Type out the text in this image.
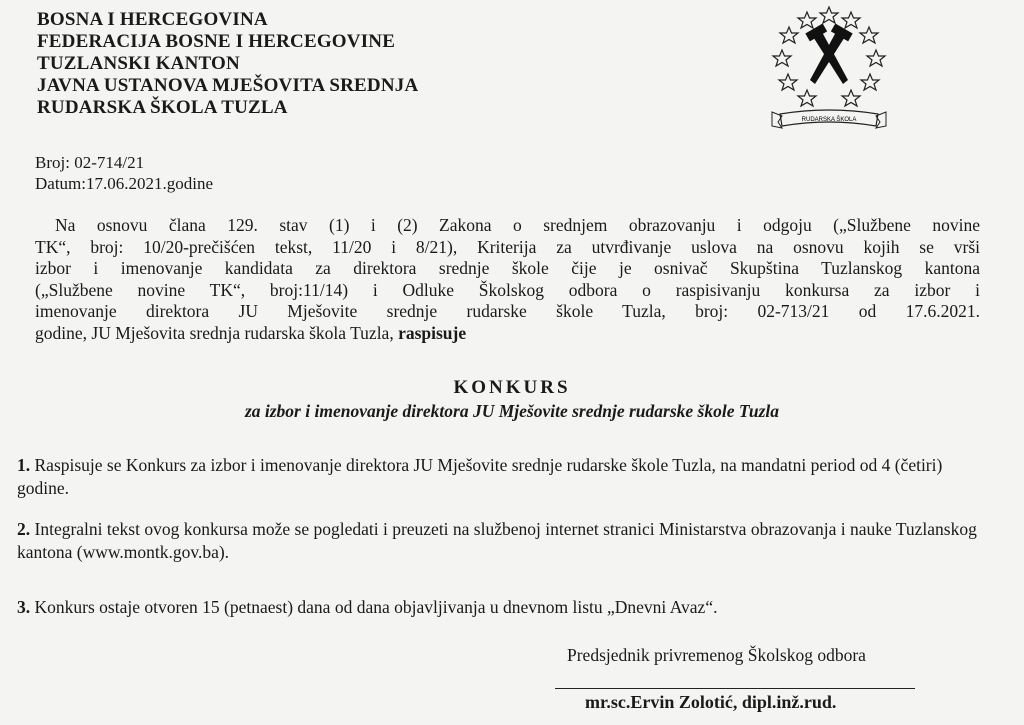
BOSNA I HERCEGOVINA
FEDERACIJA BOSNE I HERCEGOVINE
TUZLANSKI KANTON
JAVNA USTANOVA MJEŠOVITA SREDNJA
RUDARSKA ŠKOLA TUZLA
RUDARSKA ŠKOLA
Broj: 02-714/21
Datum:17.06.2021.godine
Na osnovu člana 129. stav (1) i (2) Zakona o srednjem obrazovanju i odgoju („Službene novine
TK“, broj: 10/20-prečišćen tekst, 11/20 i 8/21), Kriterija za utvrđivanje uslova na osnovu kojih se vrši
izbor i imenovanje kandidata za direktora srednje škole čije je osnivač Skupština Tuzlanskog kantona
(„Službene novine TK“, broj:11/14) i Odluke Školskog odbora o raspisivanju konkursa za izbor i
imenovanje direktora JU Mješovite srednje rudarske škole Tuzla, broj: 02-713/21 od 17.6.2021.
godine, JU Mješovita srednja rudarska škola Tuzla, raspisuje
KONKURS
za izbor i imenovanje direktora JU Mješovite srednje rudarske škole Tuzla
1. Raspisuje se Konkurs za izbor i imenovanje direktora JU Mješovite srednje rudarske škole Tuzla, na mandatni period od 4 (četiri) godine.
2. Integralni tekst ovog konkursa može se pogledati i preuzeti na službenoj internet stranici Ministarstva obrazovanja i nauke Tuzlanskog kantona (www.montk.gov.ba).
3. Konkurs ostaje otvoren 15 (petnaest) dana od dana objavljivanja u dnevnom listu „Dnevni Avaz“.
Predsjednik privremenog Školskog odbora
mr.sc.Ervin Zolotić, dipl.inž.rud.
